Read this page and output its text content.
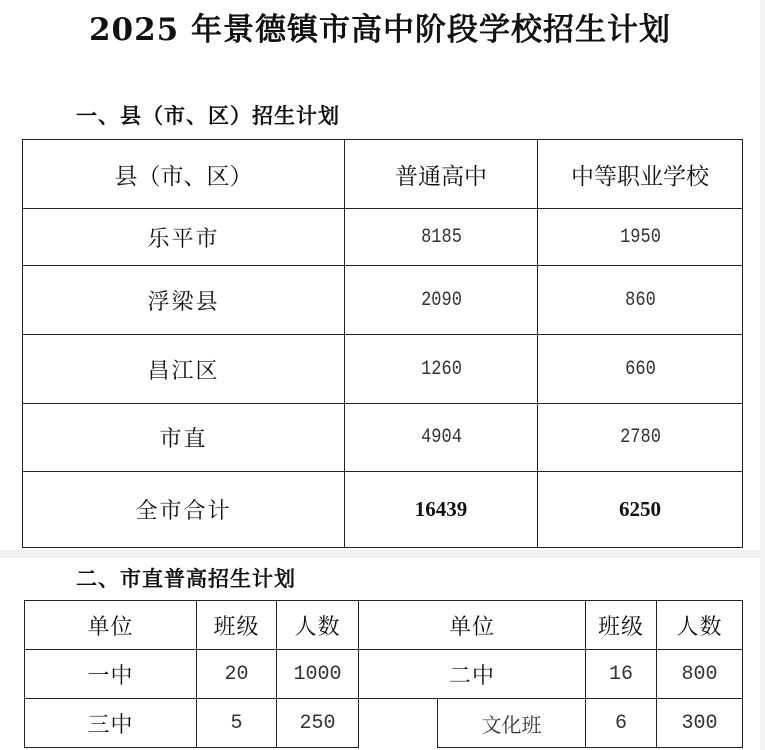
2025 年景德镇市高中阶段学校招生计划
一、县（市、区）招生计划
县（市、区）	普通高中	中等职业学校
乐平市	8185	1950
浮梁县	2090	860
昌江区	1260	660
市直	4904	2780
全市合计	16439	6250
二、市直普高招生计划
单位	班级	人数	单位		班级	人数
一中	20	1000	二中		16	800
三中	5	250		文化班	6	300
